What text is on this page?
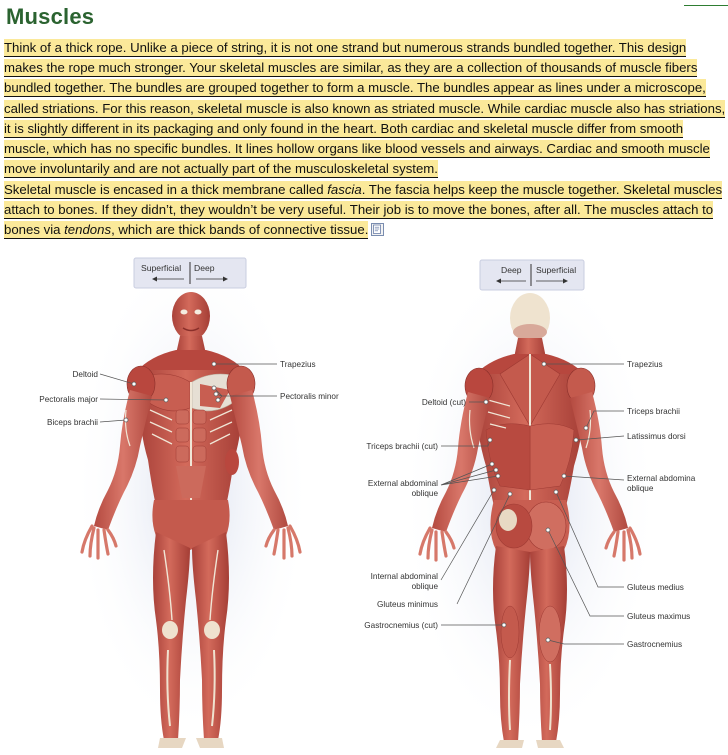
Muscles

Think of a thick rope. Unlike a piece of string, it is not one strand but numerous strands bundled together. This design makes the rope much stronger. Your skeletal muscles are similar, as they are a collection of thousands of muscle fibers bundled together. The bundles are grouped together to form a muscle. The bundles appear as lines under a microscope, called striations. For this reason, skeletal muscle is also known as striated muscle. While cardiac muscle also has striations, it is slightly different in its packaging and only found in the heart. Both cardiac and skeletal muscle differ from smooth muscle, which has no specific bundles. It lines hollow organs like blood vessels and airways. Cardiac and smooth muscle move involuntarily and are not actually part of the musculoskeletal system.

Skeletal muscle is encased in a thick membrane called fascia. The fascia helps keep the muscle together. Skeletal muscles attach to bones. If they didn’t, they wouldn’t be very useful. Their job is to move the bones, after all. The muscles attach to bones via tendons, which are thick bands of connective tissue.

Superficial Deep	Deep Superficial
Deltoid
Pectoralis major
Biceps brachii
Trapezius
Pectoralis minor
Deltoid (cut)
Triceps brachii (cut)
External abdominal
oblique
Internal abdominal
oblique
Gluteus minimus
Gastrocnemius (cut)
Trapezius
Triceps brachii
Latissimus dorsi
External abdomina
oblique
Gluteus medius
Gluteus maximus
Gastrocnemius
